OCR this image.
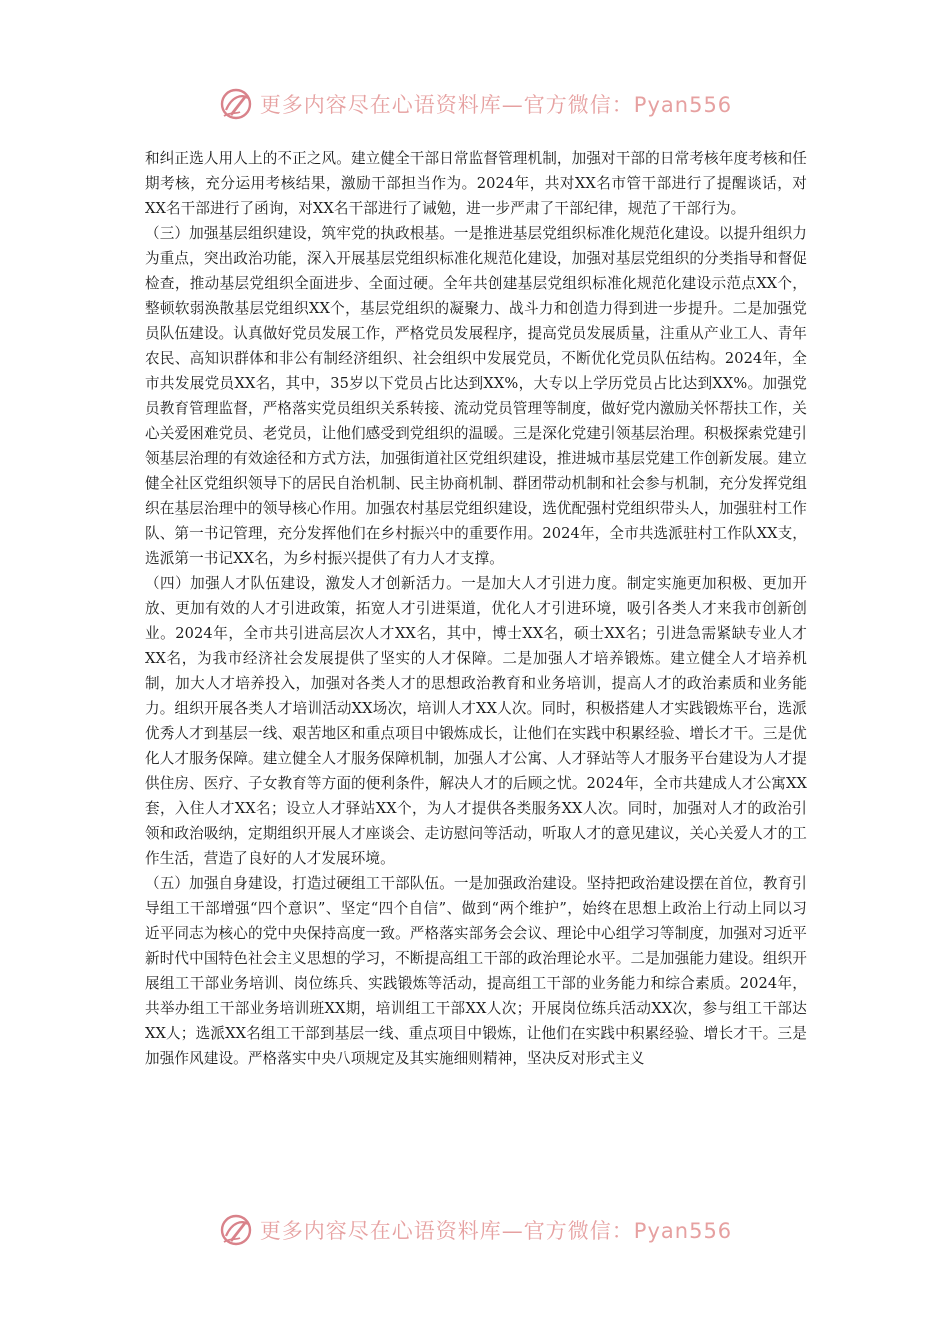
更多内容尽在心语资料库—官方微信：Pyan556

和纠正选人用人上的不正之风。建立健全干部日常监督管理机制，加强对干部的日常考核年度考核和任期考核，充分运用考核结果，激励干部担当作为。2024年，共对XX名市管干部进行了提醒谈话，对XX名干部进行了函询，对XX名干部进行了诫勉，进一步严肃了干部纪律，规范了干部行为。

（三）加强基层组织建设，筑牢党的执政根基。一是推进基层党组织标准化规范化建设。以提升组织力为重点，突出政治功能，深入开展基层党组织标准化规范化建设，加强对基层党组织的分类指导和督促检查，推动基层党组织全面进步、全面过硬。全年共创建基层党组织标准化规范化建设示范点XX个，整顿软弱涣散基层党组织XX个，基层党组织的凝聚力、战斗力和创造力得到进一步提升。二是加强党员队伍建设。认真做好党员发展工作，严格党员发展程序，提高党员发展质量，注重从产业工人、青年农民、高知识群体和非公有制经济组织、社会组织中发展党员，不断优化党员队伍结构。2024年，全市共发展党员XX名，其中，35岁以下党员占比达到XX%，大专以上学历党员占比达到XX%。加强党员教育管理监督，严格落实党员组织关系转接、流动党员管理等制度，做好党内激励关怀帮扶工作，关心关爱困难党员、老党员，让他们感受到党组织的温暖。三是深化党建引领基层治理。积极探索党建引领基层治理的有效途径和方式方法，加强街道社区党组织建设，推进城市基层党建工作创新发展。建立健全社区党组织领导下的居民自治机制、民主协商机制、群团带动机制和社会参与机制，充分发挥党组织在基层治理中的领导核心作用。加强农村基层党组织建设，选优配强村党组织带头人，加强驻村工作队、第一书记管理，充分发挥他们在乡村振兴中的重要作用。2024年，全市共选派驻村工作队XX支，选派第一书记XX名，为乡村振兴提供了有力人才支撑。

（四）加强人才队伍建设，激发人才创新活力。一是加大人才引进力度。制定实施更加积极、更加开放、更加有效的人才引进政策，拓宽人才引进渠道，优化人才引进环境，吸引各类人才来我市创新创业。2024年，全市共引进高层次人才XX名，其中，博士XX名，硕士XX名；引进急需紧缺专业人才XX名，为我市经济社会发展提供了坚实的人才保障。二是加强人才培养锻炼。建立健全人才培养机制，加大人才培养投入，加强对各类人才的思想政治教育和业务培训，提高人才的政治素质和业务能力。组织开展各类人才培训活动XX场次，培训人才XX人次。同时，积极搭建人才实践锻炼平台，选派优秀人才到基层一线、艰苦地区和重点项目中锻炼成长，让他们在实践中积累经验、增长才干。三是优化人才服务保障。建立健全人才服务保障机制，加强人才公寓、人才驿站等人才服务平台建设为人才提供住房、医疗、子女教育等方面的便利条件，解决人才的后顾之忧。2024年，全市共建成人才公寓XX套，入住人才XX名；设立人才驿站XX个，为人才提供各类服务XX人次。同时，加强对人才的政治引领和政治吸纳，定期组织开展人才座谈会、走访慰问等活动，听取人才的意见建议，关心关爱人才的工作生活，营造了良好的人才发展环境。

（五）加强自身建设，打造过硬组工干部队伍。一是加强政治建设。坚持把政治建设摆在首位，教育引导组工干部增强“四个意识”、坚定“四个自信”、做到“两个维护”，始终在思想上政治上行动上同以习近平同志为核心的党中央保持高度一致。严格落实部务会会议、理论中心组学习等制度，加强对习近平新时代中国特色社会主义思想的学习，不断提高组工干部的政治理论水平。二是加强能力建设。组织开展组工干部业务培训、岗位练兵、实践锻炼等活动，提高组工干部的业务能力和综合素质。2024年，共举办组工干部业务培训班XX期，培训组工干部XX人次；开展岗位练兵活动XX次，参与组工干部达XX人；选派XX名组工干部到基层一线、重点项目中锻炼，让他们在实践中积累经验、增长才干。三是加强作风建设。严格落实中央八项规定及其实施细则精神，坚决反对形式主义

更多内容尽在心语资料库—官方微信：Pyan556
